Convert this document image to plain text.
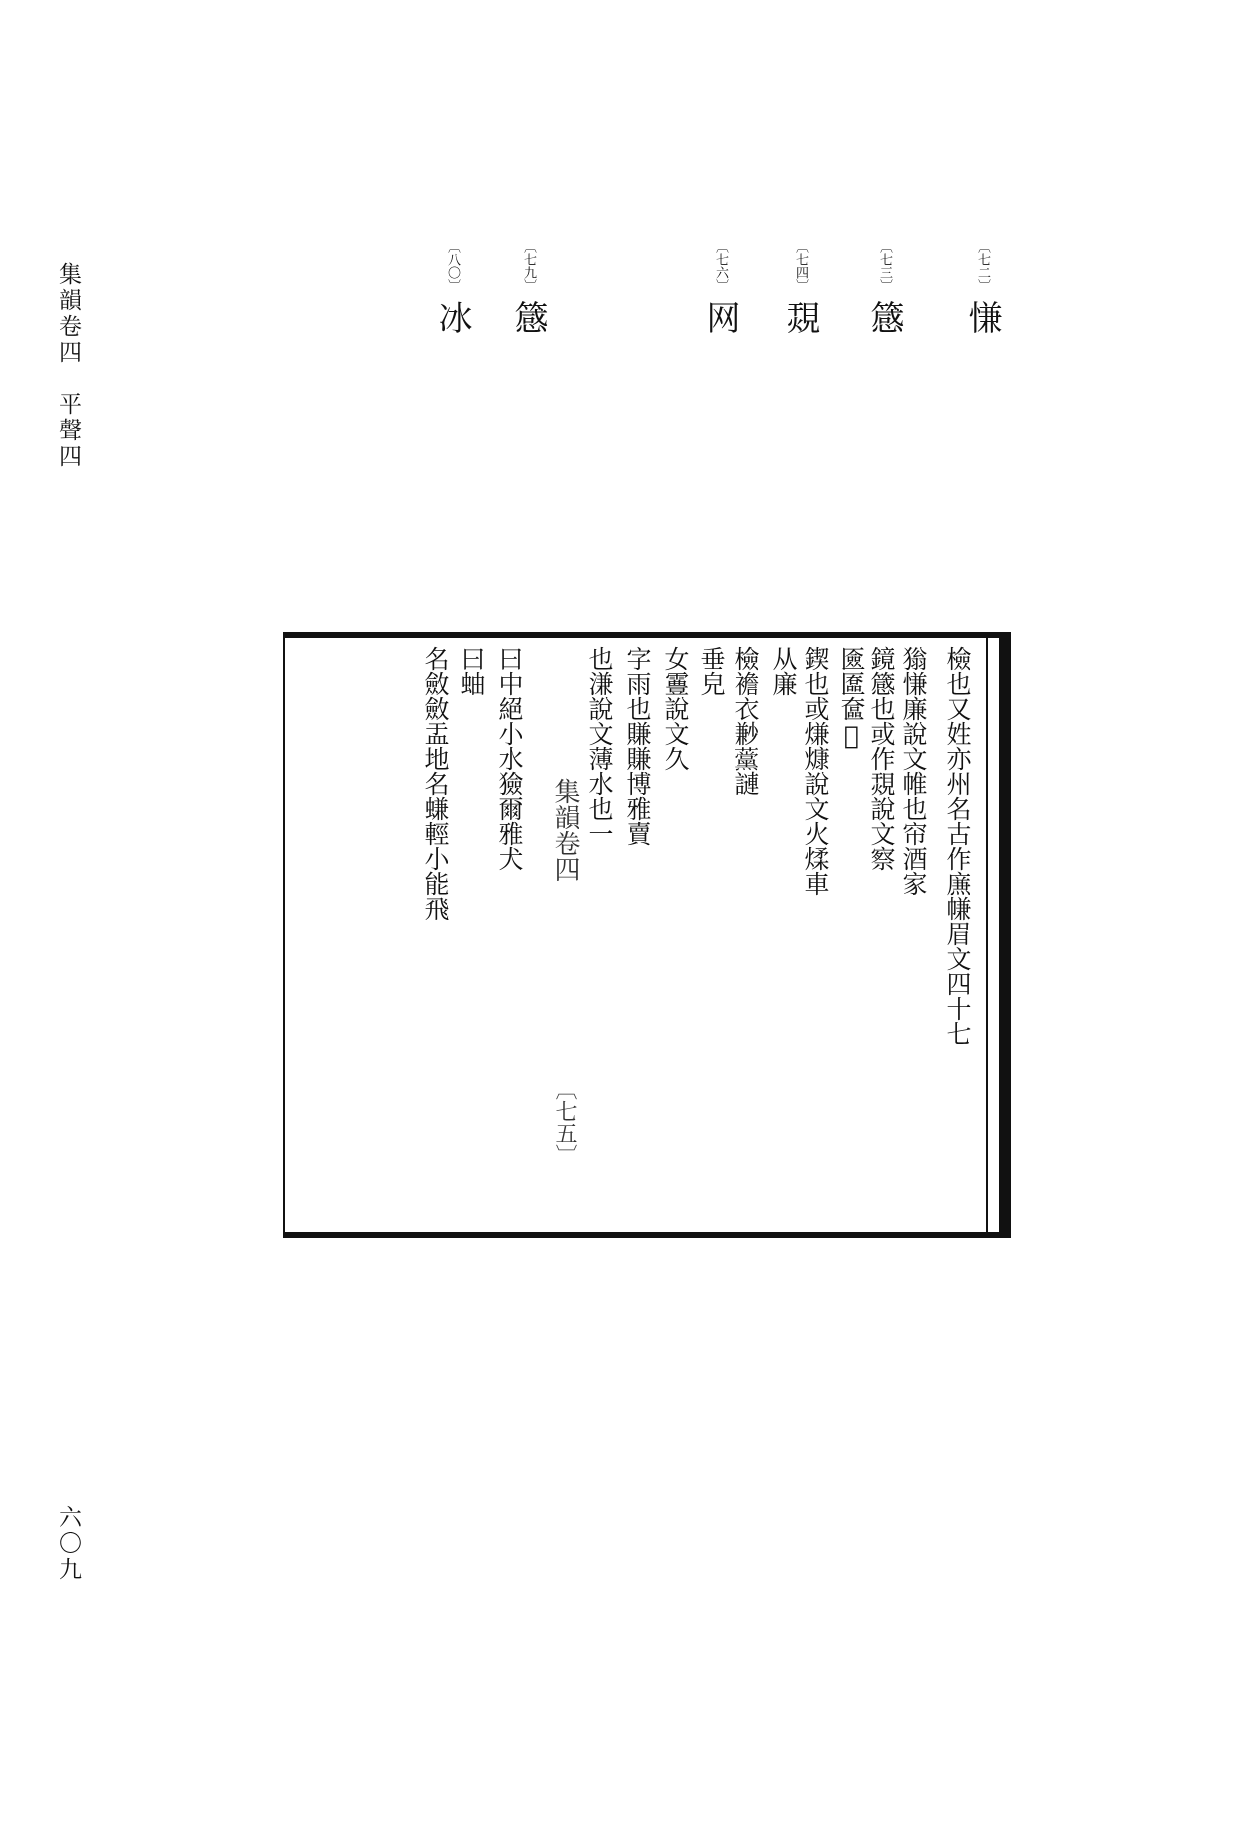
集韻卷四　平聲四
六〇九
〔七二〕
慊
〔七三〕
䉞
〔七四〕
覝
〔七六〕
网
〔七九〕
䉞
〔八〇〕
冰
集韻卷四
〔七五〕
檢也又姓亦州名古作㢘㡘眉文四十七
㺋慊廉說文帷也帘酒家
鏡䉞也或作覝說文察
匳匲奩𥫲
鍥也或熑𤎖說文火煣車
从廉
檢襜衣㝺𧅗謰
垂皃
女霻說文久
字雨也賺賺博雅賣
也溓說文薄水也一
曰中絕小水獫爾雅犬
曰蚰
名斂斂盂地名螊輕小能飛
